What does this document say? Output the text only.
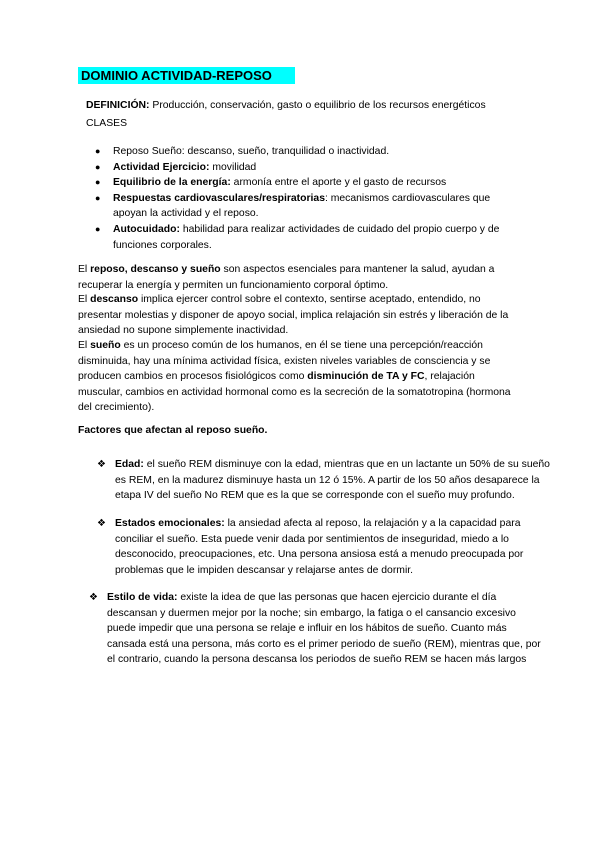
DOMINIO ACTIVIDAD-REPOSO
DEFINICIÓN: Producción, conservación, gasto o equilibrio de los recursos energéticos
CLASES
● Reposo Sueño: descanso, sueño, tranquilidad o inactividad.
● Actividad Ejercicio: movilidad
● Equilibrio de la energía: armonía entre el aporte y el gasto de recursos
● Respuestas cardiovasculares/respiratorias: mecanismos cardiovasculares que apoyan la actividad y el reposo.
● Autocuidado: habilidad para realizar actividades de cuidado del propio cuerpo y de funciones corporales.
El reposo, descanso y sueño son aspectos esenciales para mantener la salud, ayudan a recuperar la energía y permiten un funcionamiento corporal óptimo.
El descanso implica ejercer control sobre el contexto, sentirse aceptado, entendido, no presentar molestias y disponer de apoyo social, implica relajación sin estrés y liberación de la ansiedad no supone simplemente inactividad.
El sueño es un proceso común de los humanos, en él se tiene una percepción/reacción disminuida, hay una mínima actividad física, existen niveles variables de consciencia y se producen cambios en procesos fisiológicos como disminución de TA y FC, relajación muscular, cambios en actividad hormonal como es la secreción de la somatotropina (hormona del crecimiento).
Factores que afectan al reposo sueño.
❖ Edad: el sueño REM disminuye con la edad, mientras que en un lactante un 50% de su sueño es REM, en la madurez disminuye hasta un 12 ó 15%. A partir de los 50 años desaparece la etapa IV del sueño No REM que es la que se corresponde con el sueño muy profundo.
❖ Estados emocionales: la ansiedad afecta al reposo, la relajación y a la capacidad para conciliar el sueño. Esta puede venir dada por sentimientos de inseguridad, miedo a lo desconocido, preocupaciones, etc. Una persona ansiosa está a menudo preocupada por problemas que le impiden descansar y relajarse antes de dormir.
❖ Estilo de vida: existe la idea de que las personas que hacen ejercicio durante el día descansan y duermen mejor por la noche; sin embargo, la fatiga o el cansancio excesivo puede impedir que una persona se relaje e influir en los hábitos de sueño. Cuanto más cansada está una persona, más corto es el primer periodo de sueño (REM), mientras que, por el contrario, cuando la persona descansa los periodos de sueño REM se hacen más largos
